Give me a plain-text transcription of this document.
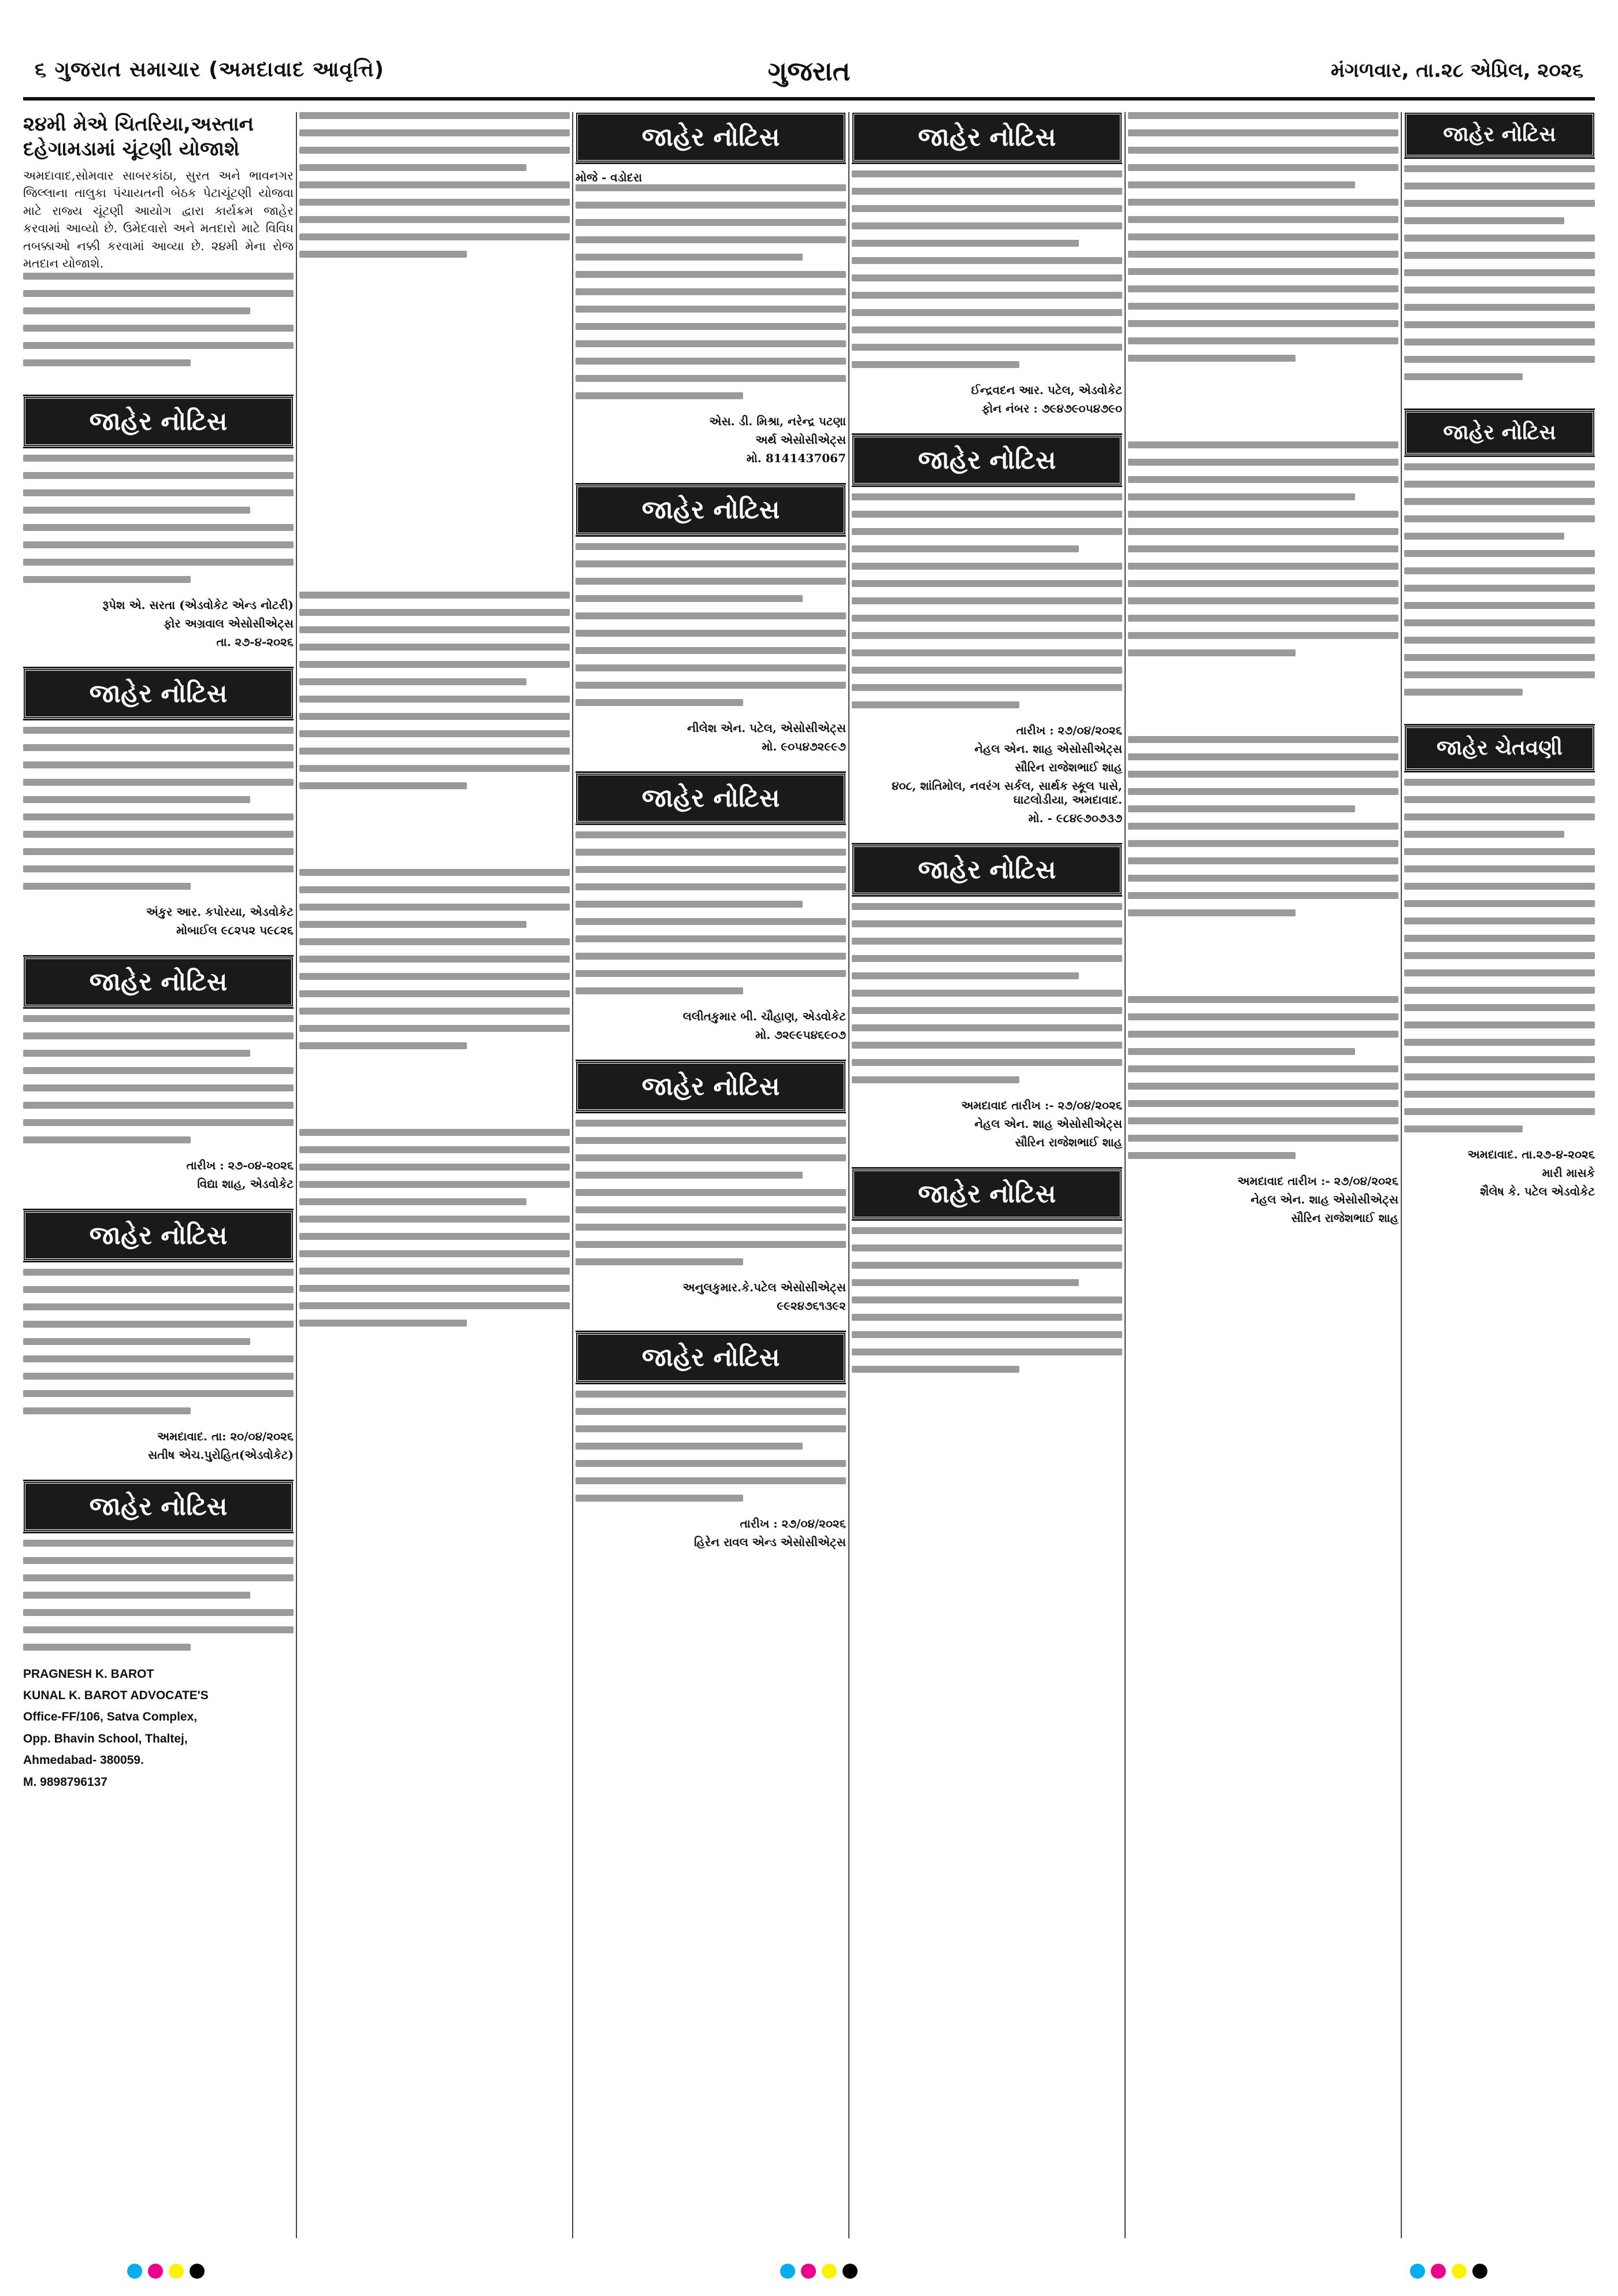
૬ ગુજરાત સમાચાર (અમદાવાદ આવૃત્તિ)	ગુજરાત	મંગળવાર, તા.૨૮ એપ્રિલ, ૨૦૨૬
૨૪મી મેએ ચિતરિયા,અસ્તાન દહેગામડામાં ચૂંટણી યોજાશે
અમદાવાદ,સોમવાર સાબરકાંઠા, સુરત અને ભાવનગર જિલ્લાના તાલુકા પંચાયતની બેઠક પેટાચૂંટણી યોજવા માટે રાજ્ય ચૂંટણી આયોગ દ્વારા કાર્યક્રમ જાહેર કરવામાં આવ્યો છે. ઉમેદવારો અને મતદારો માટે વિવિધ તબક્કાઓ નક્કી કરવામાં આવ્યા છે. ૨૪મી મેના રોજ મતદાન યોજાશે.
જાહેર નોટિસ
રૂપેશ એ. સરતા (એડવોકેટ એન્ડ નોટરી)
ફોર અગ્રવાલ એસોસીએટ્સ
તા. ૨૭-૪-૨૦૨૬
જાહેર નોટિસ
અંકુર આર. કપોરયા, એડવોકેટ
મોબાઈલ ૯૮૨૫૨ ૫૯૮૨૬
જાહેર નોટિસ
તારીખ : ૨૭-૦૪-૨૦૨૬
વિદ્યા શાહ, એડવોકેટ
જાહેર નોટિસ
અમદાવાદ. તા: ૨૦/૦૪/૨૦૨૬
સતીષ એચ.પુરોહિત(એડવોકેટ)
જાહેર નોટિસ
PRAGNESH K. BAROT
KUNAL K. BAROT ADVOCATE'S
Office-FF/106, Satva Complex,
Opp. Bhavin School, Thaltej,
Ahmedabad- 380059.
M. 9898796137
જાહેર નોટિસ
મોજે - વડોદરા
એસ. ડી. મિશ્રા, નરેન્દ્ર પટણા
અર્થ એસોસીએટ્સ
મો. 8141437067
જાહેર નોટિસ
નીલેશ એન. પટેલ, એસોસીએટ્સ
મો. ૯૦૫૪૭૨૯૯૭
જાહેર નોટિસ
લલીતકુમાર બી. ચૌહાણ, એડવોકેટ
મો. ૭૨૯૯૫૪૬૯૦૭
જાહેર નોટિસ
અનુલકુમાર.કે.પટેલ એસોસીએટ્સ
૯૯૨૪૭૬૧૩૯૨
જાહેર નોટિસ
તારીખ : ૨૭/૦૪/૨૦૨૬
હિરેન રાવલ એન્ડ એસોસીએટ્સ
જાહેર નોટિસ
ઈન્દ્રવદન આર. પટેલ, એડવોકેટ
ફોન નંબર : ૭૯૪૭૯૦૫૪૭૯૦
જાહેર નોટિસ
તારીખ : ૨૭/૦૪/૨૦૨૬
નેહલ એન. શાહ એસોસીએટ્સ
સૌરિન રાજેશભાઈ શાહ
૪૦૮, શાંતિમોલ, નવરંગ સર્કલ, સાર્થક સ્કૂલ પાસે, ઘાટલોડીયા, અમદાવાદ.
મો. - ૯૮૪૯૭૦૭૩૭
જાહેર નોટિસ
અમદાવાદ તારીખ :- ૨૭/૦૪/૨૦૨૬
નેહલ એન. શાહ એસોસીએટ્સ
સૌરિન રાજેશભાઈ શાહ
જાહેર નોટિસ	અમદાવાદ તારીખ :- ૨૭/૦૪/૨૦૨૬
નેહલ એન. શાહ એસોસીએટ્સ
સૌરિન રાજેશભાઈ શાહ
જાહેર નોટિસ
જાહેર નોટિસ
જાહેર ચેતવણી
અમદાવાદ. તા.૨૭-૪-૨૦૨૬
મારી માસકે
શૈલેષ કે. પટેલ એડવોકેટ
